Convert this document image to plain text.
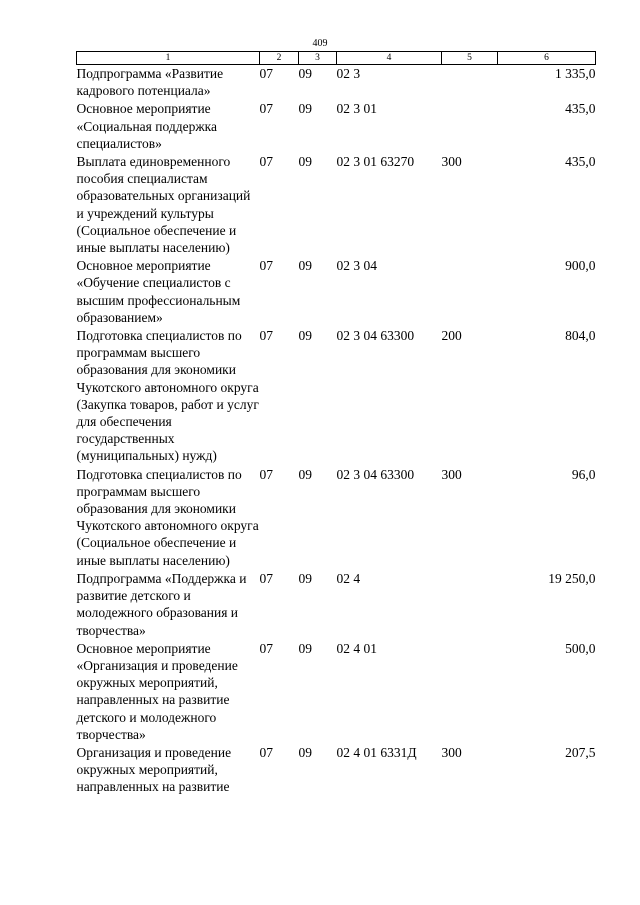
409
1	2	3	4	5	6
Подпрограмма «Развитие кадрового потенциала»	07	09	02 3		1 335,0
Основное мероприятие «Социальная поддержка специалистов»	07	09	02 3 01		435,0
Выплата единовременного пособия специалистам образовательных организаций и учреждений культуры (Социальное обеспечение и иные выплаты населению)	07	09	02 3 01 63270	300	435,0
Основное мероприятие «Обучение специалистов с высшим профессиональным образованием»	07	09	02 3 04		900,0
Подготовка специалистов по программам высшего образования для экономики Чукотского автономного округа (Закупка товаров, работ и услуг для обеспечения государственных (муниципальных) нужд)	07	09	02 3 04 63300	200	804,0
Подготовка специалистов по программам высшего образования для экономики Чукотского автономного округа (Социальное обеспечение и иные выплаты населению)	07	09	02 3 04 63300	300	96,0
Подпрограмма «Поддержка и развитие детского и молодежного образования и творчества»	07	09	02 4		19 250,0
Основное мероприятие «Организация и проведение окружных мероприятий, направленных на развитие детского и молодежного творчества»	07	09	02 4 01		500,0
Организация и проведение окружных мероприятий, направленных на развитие	07	09	02 4 01 6331Д	300	207,5
